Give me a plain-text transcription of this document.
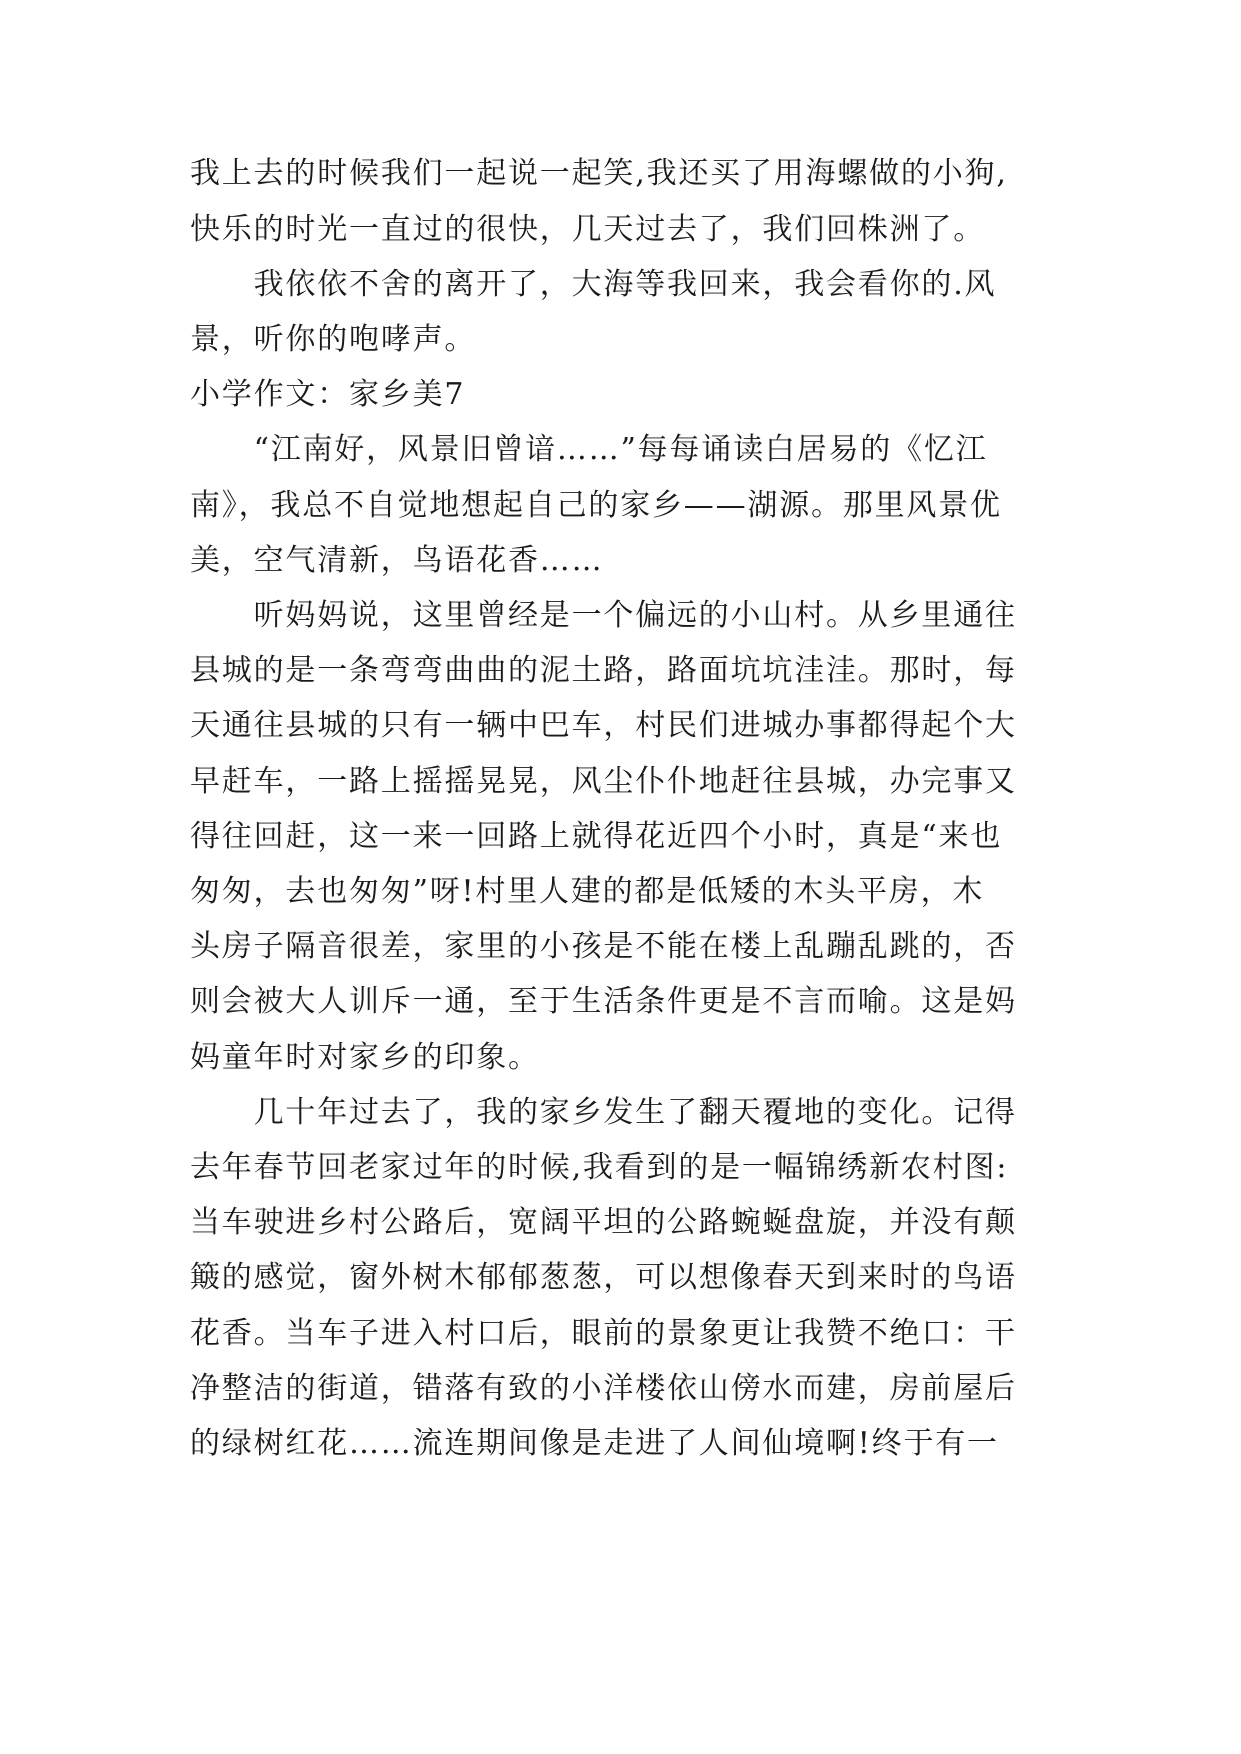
我上去的时候我们一起说一起笑,我还买了用海螺做的小狗,

快乐的时光一直过的很快，几天过去了，我们回株洲了。

　　我依依不舍的离开了，大海等我回来，我会看你的.风

景，听你的咆哮声。

小学作文：家乡美7

　　“江南好，风景旧曾谙……”每每诵读白居易的《忆江

南》，我总不自觉地想起自己的家乡——湖源。那里风景优

美，空气清新，鸟语花香……

　　听妈妈说，这里曾经是一个偏远的小山村。从乡里通往

县城的是一条弯弯曲曲的泥土路，路面坑坑洼洼。那时，每

天通往县城的只有一辆中巴车，村民们进城办事都得起个大

早赶车，一路上摇摇晃晃，风尘仆仆地赶往县城，办完事又

得往回赶，这一来一回路上就得花近四个小时，真是“来也

匆匆，去也匆匆”呀!村里人建的都是低矮的木头平房，木

头房子隔音很差，家里的小孩是不能在楼上乱蹦乱跳的，否

则会被大人训斥一通，至于生活条件更是不言而喻。这是妈

妈童年时对家乡的印象。

　　几十年过去了，我的家乡发生了翻天覆地的变化。记得

去年春节回老家过年的时候,我看到的是一幅锦绣新农村图:

当车驶进乡村公路后，宽阔平坦的公路蜿蜒盘旋，并没有颠

簸的感觉，窗外树木郁郁葱葱，可以想像春天到来时的鸟语

花香。当车子进入村口后，眼前的景象更让我赞不绝口：干

净整洁的街道，错落有致的小洋楼依山傍水而建，房前屋后

的绿树红花……流连期间像是走进了人间仙境啊!终于有一
